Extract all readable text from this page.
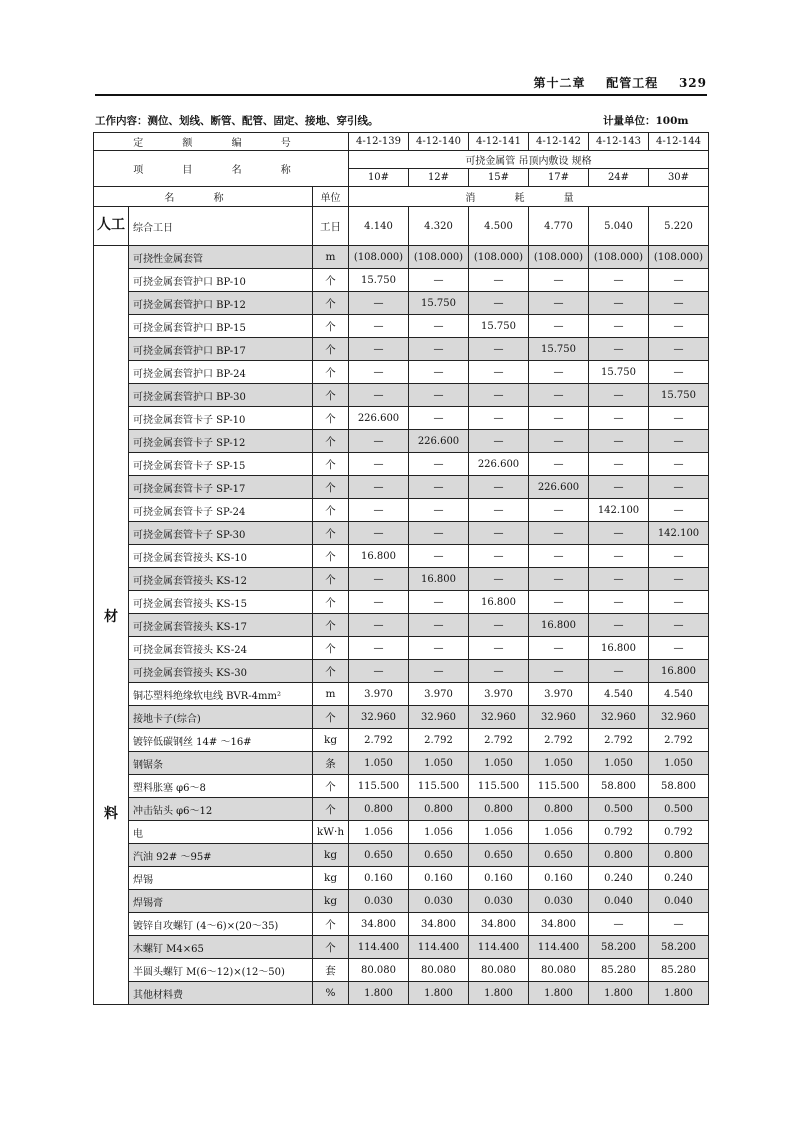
第十二章 配管工程 329
工作内容：测位、划线、断管、配管、固定、接地、穿引线。	计量单位：100m
定 额 编 号			4-12-139	4-12-140	4-12-141	4-12-142	4-12-143	4-12-144
项 目 名 称			可挠金属管 吊顶内敷设 规格					
			10#	12#	15#	17#	24#	30#
名 称		单位	消 耗 量					
人工	综合工日	工日	4.140	4.320	4.500	4.770	5.040	5.220

材
料	可挠性金属套管	m	(108.000)	(108.000)	(108.000)	(108.000)	(108.000)	(108.000)
	可挠金属套管护口 BP-10	个	15.750	—	—	—	—	—
	可挠金属套管护口 BP-12	个	—	15.750	—	—	—	—
	可挠金属套管护口 BP-15	个	—	—	15.750	—	—	—
	可挠金属套管护口 BP-17	个	—	—	—	15.750	—	—
	可挠金属套管护口 BP-24	个	—	—	—	—	15.750	—
	可挠金属套管护口 BP-30	个	—	—	—	—	—	15.750
	可挠金属套管卡子 SP-10	个	226.600	—	—	—	—	—
	可挠金属套管卡子 SP-12	个	—	226.600	—	—	—	—
	可挠金属套管卡子 SP-15	个	—	—	226.600	—	—	—
	可挠金属套管卡子 SP-17	个	—	—	—	226.600	—	—
	可挠金属套管卡子 SP-24	个	—	—	—	—	142.100	—
	可挠金属套管卡子 SP-30	个	—	—	—	—	—	142.100
	可挠金属套管接头 KS-10	个	16.800	—	—	—	—	—
	可挠金属套管接头 KS-12	个	—	16.800	—	—	—	—
	可挠金属套管接头 KS-15	个	—	—	16.800	—	—	—
	可挠金属套管接头 KS-17	个	—	—	—	16.800	—	—
	可挠金属套管接头 KS-24	个	—	—	—	—	16.800	—
	可挠金属套管接头 KS-30	个	—	—	—	—	—	16.800
	铜芯塑料绝缘软电线 BVR-4mm²	m	3.970	3.970	3.970	3.970	4.540	4.540
	接地卡子(综合)	个	32.960	32.960	32.960	32.960	32.960	32.960
	镀锌低碳钢丝 14# ～16#	kg	2.792	2.792	2.792	2.792	2.792	2.792
	钢锯条	条	1.050	1.050	1.050	1.050	1.050	1.050
	塑料胀塞 φ6～8	个	115.500	115.500	115.500	115.500	58.800	58.800
	冲击钻头 φ6～12	个	0.800	0.800	0.800	0.800	0.500	0.500
	电	kW·h	1.056	1.056	1.056	1.056	0.792	0.792
	汽油 92# ～95#	kg	0.650	0.650	0.650	0.650	0.800	0.800
	焊锡	kg	0.160	0.160	0.160	0.160	0.240	0.240
	焊锡膏	kg	0.030	0.030	0.030	0.030	0.040	0.040
	镀锌自攻螺钉 (4～6)×(20～35)	个	34.800	34.800	34.800	34.800	—	—
	木螺钉 M4×65	个	114.400	114.400	114.400	114.400	58.200	58.200
	半圆头螺钉 M(6～12)×(12～50)	套	80.080	80.080	80.080	80.080	85.280	85.280
	其他材料费	%	1.800	1.800	1.800	1.800	1.800	1.800
